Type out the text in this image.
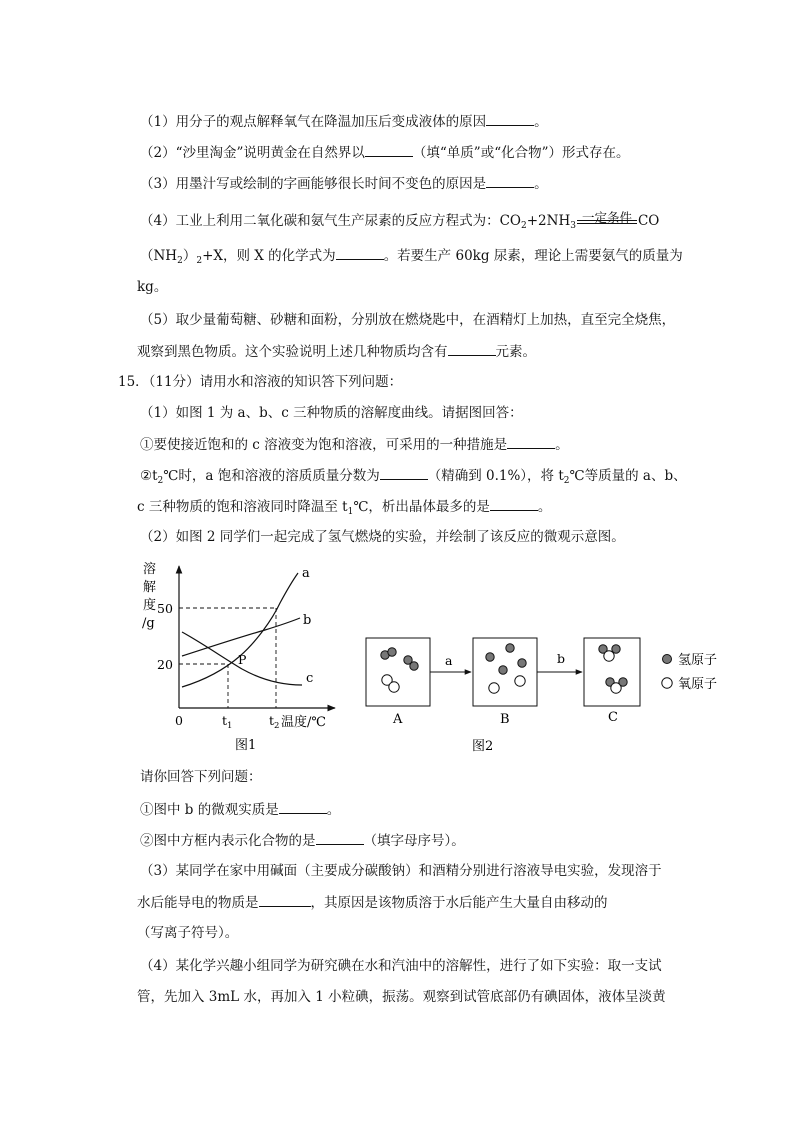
（1）用分子的观点解释氧气在降温加压后变成液体的原因	。
（2）“沙里淘金”说明黄金在自然界以	（填“单质”或“化合物”）形式存在。
（3）用墨汁写或绘制的字画能够很长时间不变色的原因是	。
（4）工业上利用二氧化碳和氨气生产尿素的反应方程式为：$CO_2+2NH_3$
一定条件 CO
$(NH_2)_2+X$，则 X 的化学式为	。若要生产 60kg 尿素，理论上需要氨气的质量为
kg。
（5）取少量葡萄糖、砂糖和面粉，分别放在燃烧匙中，在酒精灯上加热，直至完全烧焦，
观察到黑色物质。这个实验说明上述几种物质均含有	元素。
15．（11分）请用水和溶液的知识答下列问题：
（1）如图 1 为 a、b、c 三种物质的溶解度曲线。请据图回答：
①要使接近饱和的 c 溶液变为饱和溶液，可采用的一种措施是	。
$②t_2℃$时，a 饱和溶液的溶质质量分数为	（精确到 0.1%），将 $t_2℃$等质量的 a、b、
c 三种物质的饱和溶液同时降温至 $t_1℃$，析出晶体最多的是	。
（2）如图 2 同学们一起完成了氢气燃烧的实验，并绘制了该反应的微观示意图。
溶
解
度
/g
50
20
0	$t_1$	$t_2$ 温度/℃
a
b
c
P
图1
a	b
A	B	C
图2
氢原子
氧原子
请你回答下列问题：
①图中 b 的微观实质是	。
②图中方框内表示化合物的是	（填字母序号）。
（3）某同学在家中用碱面（主要成分碳酸钠）和酒精分别进行溶液导电实验，发现溶于
水后能导电的物质是	，其原因是该物质溶于水后能产生大量自由移动的
（写离子符号）。
（4）某化学兴趣小组同学为研究碘在水和汽油中的溶解性，进行了如下实验：取一支试
管，先加入 3mL 水，再加入 1 小粒碘，振荡。观察到试管底部仍有碘固体，液体呈淡黄
